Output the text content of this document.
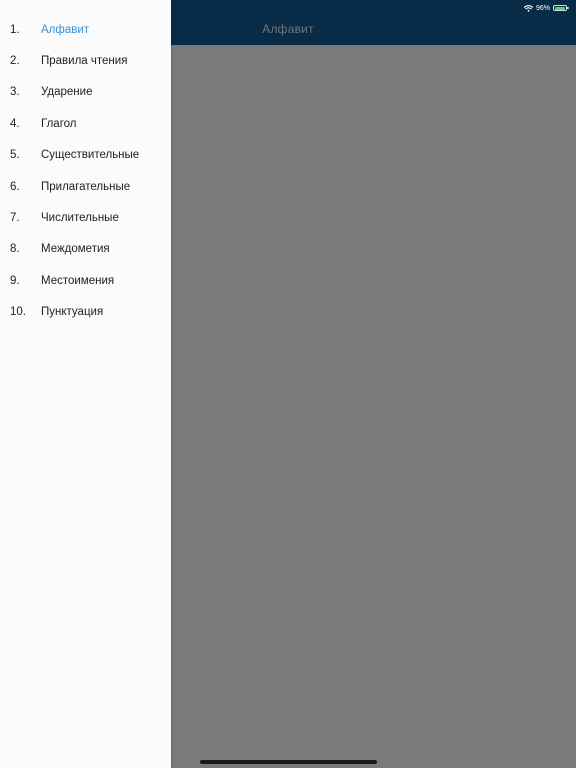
96%
1.	Алфавит
2.	Правила чтения
3.	Ударение
4.	Глагол
5.	Существительные
6.	Прилагательные
7.	Числительные
8.	Междометия
9.	Местоимения
10.	Пунктуация
